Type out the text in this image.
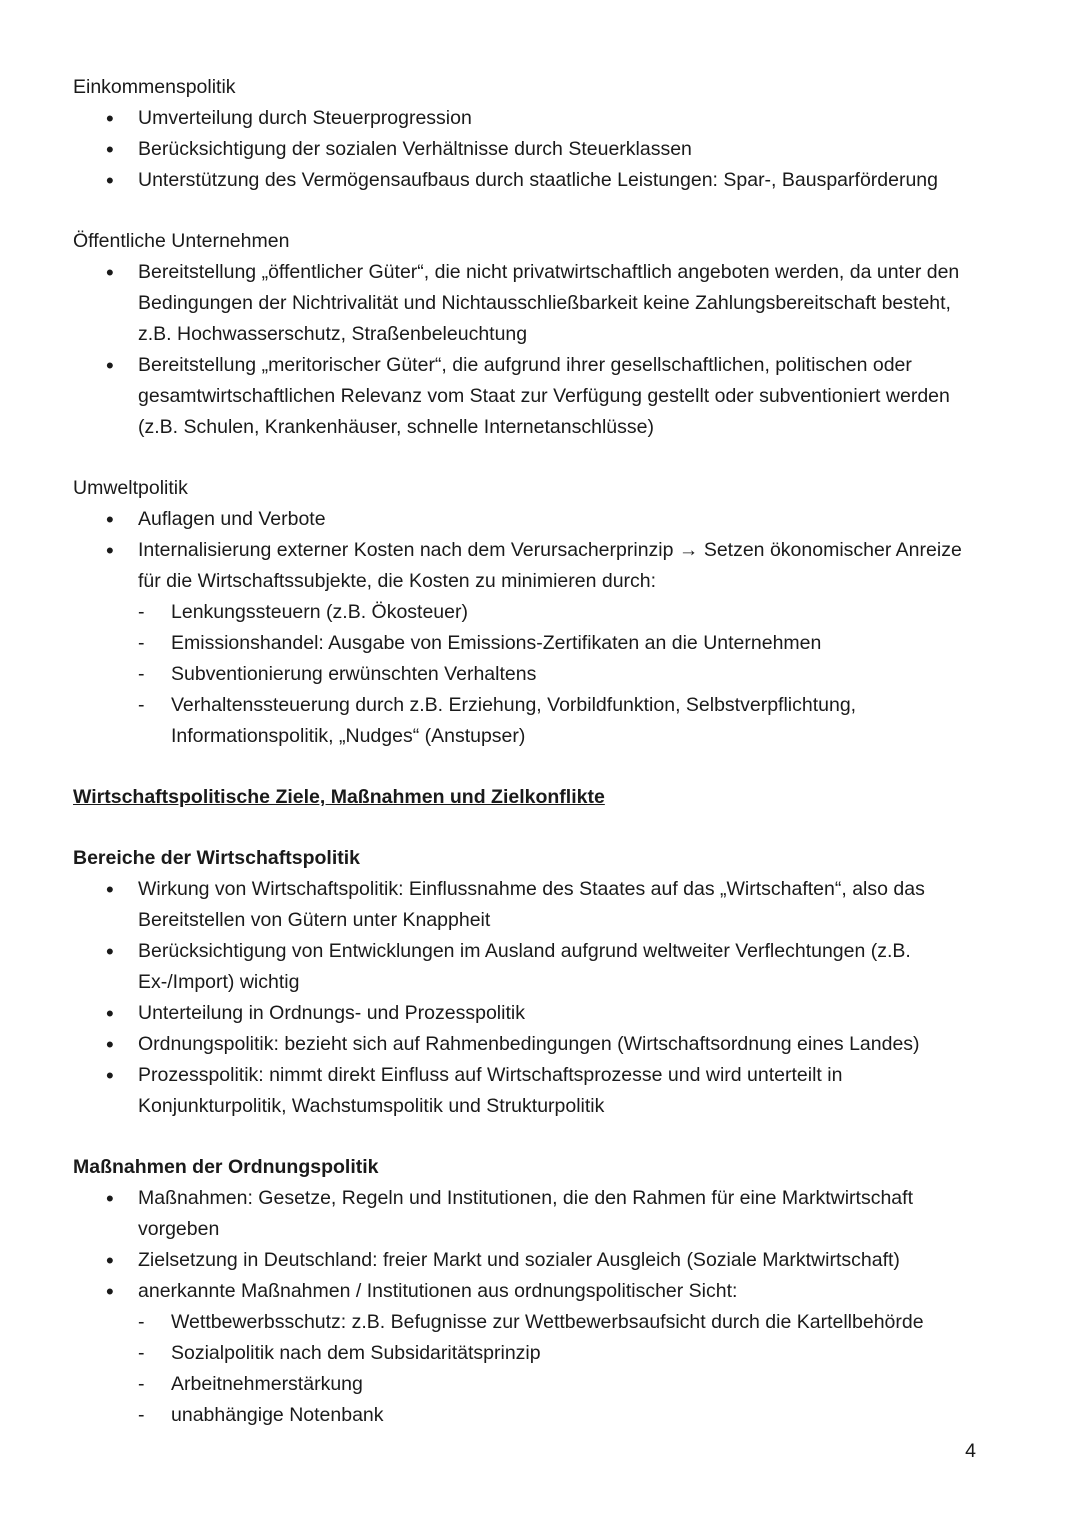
Einkommenspolitik

• Umverteilung durch Steuerprogression
• Berücksichtigung der sozialen Verhältnisse durch Steuerklassen
• Unterstützung des Vermögensaufbaus durch staatliche Leistungen: Spar-, Bausparförderung

Öffentliche Unternehmen

• Bereitstellung „öffentlicher Güter“, die nicht privatwirtschaftlich angeboten werden, da unter den Bedingungen der Nichtrivalität und Nichtausschließbarkeit keine Zahlungsbereitschaft besteht, z.B. Hochwasserschutz, Straßenbeleuchtung
• Bereitstellung „meritorischer Güter“, die aufgrund ihrer gesellschaftlichen, politischen oder gesamtwirtschaftlichen Relevanz vom Staat zur Verfügung gestellt oder subventioniert werden (z.B. Schulen, Krankenhäuser, schnelle Internetanschlüsse)

Umweltpolitik

• Auflagen und Verbote
• Internalisierung externer Kosten nach dem Verursacherprinzip → Setzen ökonomischer Anreize für die Wirtschaftssubjekte, die Kosten zu minimieren durch:
- Lenkungssteuern (z.B. Ökosteuer)
- Emissionshandel: Ausgabe von Emissions-Zertifikaten an die Unternehmen
- Subventionierung erwünschten Verhaltens
- Verhaltenssteuerung durch z.B. Erziehung, Vorbildfunktion, Selbstverpflichtung, Informationspolitik, „Nudges“ (Anstupser)

Wirtschaftspolitische Ziele, Maßnahmen und Zielkonflikte

Bereiche der Wirtschaftspolitik

• Wirkung von Wirtschaftspolitik: Einflussnahme des Staates auf das „Wirtschaften“, also das Bereitstellen von Gütern unter Knappheit
• Berücksichtigung von Entwicklungen im Ausland aufgrund weltweiter Verflechtungen (z.B. Ex-/Import) wichtig
• Unterteilung in Ordnungs- und Prozesspolitik
• Ordnungspolitik: bezieht sich auf Rahmenbedingungen (Wirtschaftsordnung eines Landes)
• Prozesspolitik: nimmt direkt Einfluss auf Wirtschaftsprozesse und wird unterteilt in Konjunkturpolitik, Wachstumspolitik und Strukturpolitik

Maßnahmen der Ordnungspolitik

• Maßnahmen: Gesetze, Regeln und Institutionen, die den Rahmen für eine Marktwirtschaft vorgeben
• Zielsetzung in Deutschland: freier Markt und sozialer Ausgleich (Soziale Marktwirtschaft)
• anerkannte Maßnahmen / Institutionen aus ordnungspolitischer Sicht:
- Wettbewerbsschutz: z.B. Befugnisse zur Wettbewerbsaufsicht durch die Kartellbehörde
- Sozialpolitik nach dem Subsidaritätsprinzip
- Arbeitnehmerstärkung
- unabhängige Notenbank
4
